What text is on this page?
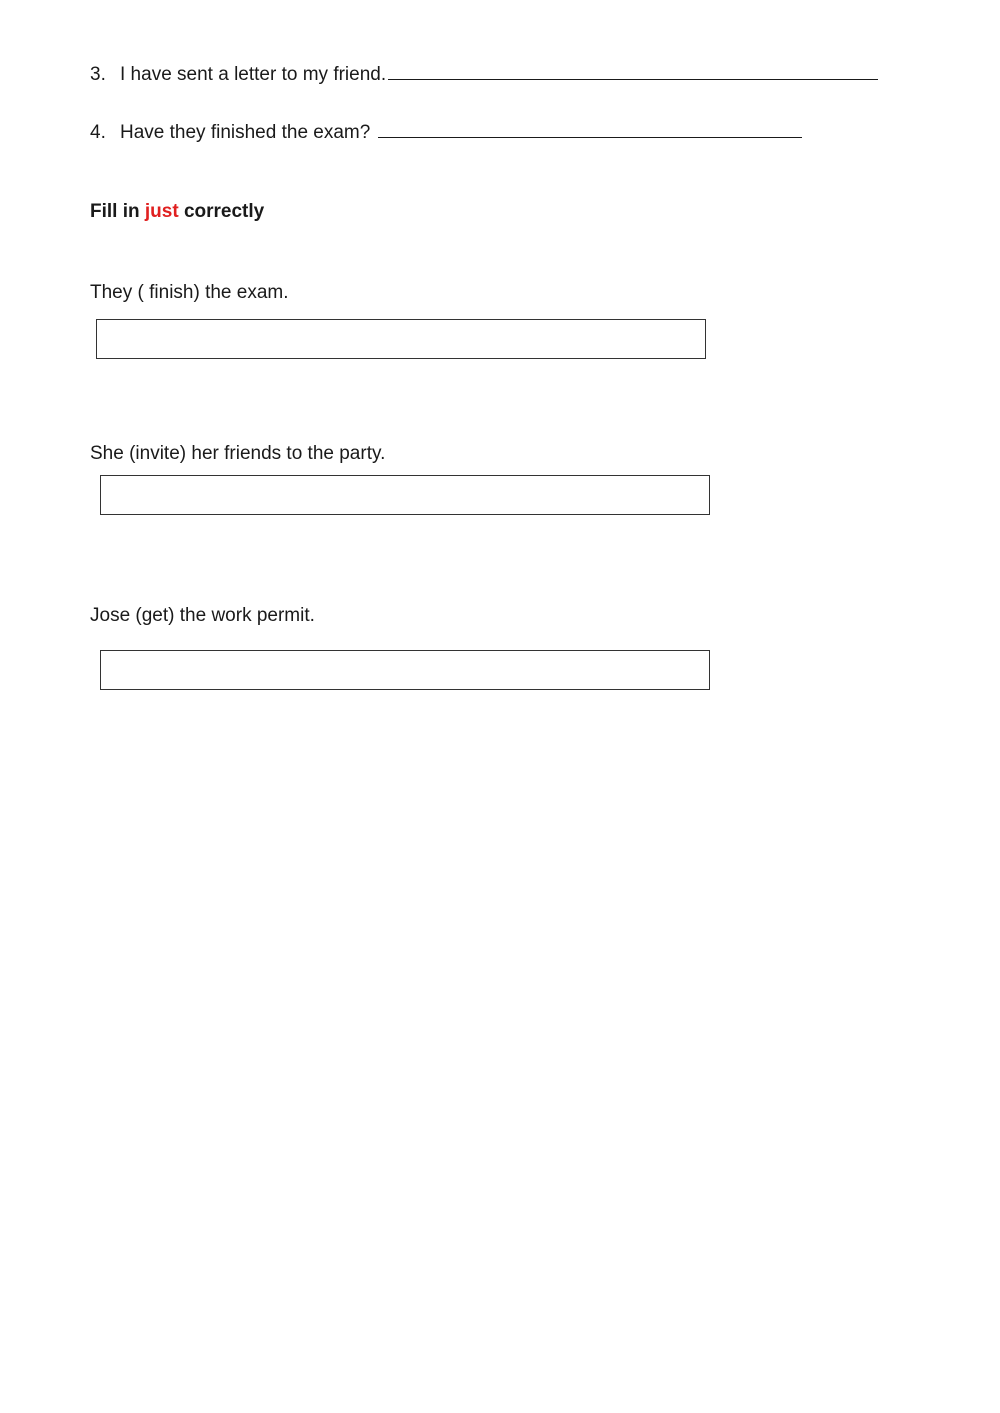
3. I have sent a letter to my friend.
4. Have they finished the exam?
Fill in just correctly
They ( finish) the exam.
She (invite) her friends to the party.
Jose (get) the work permit.
